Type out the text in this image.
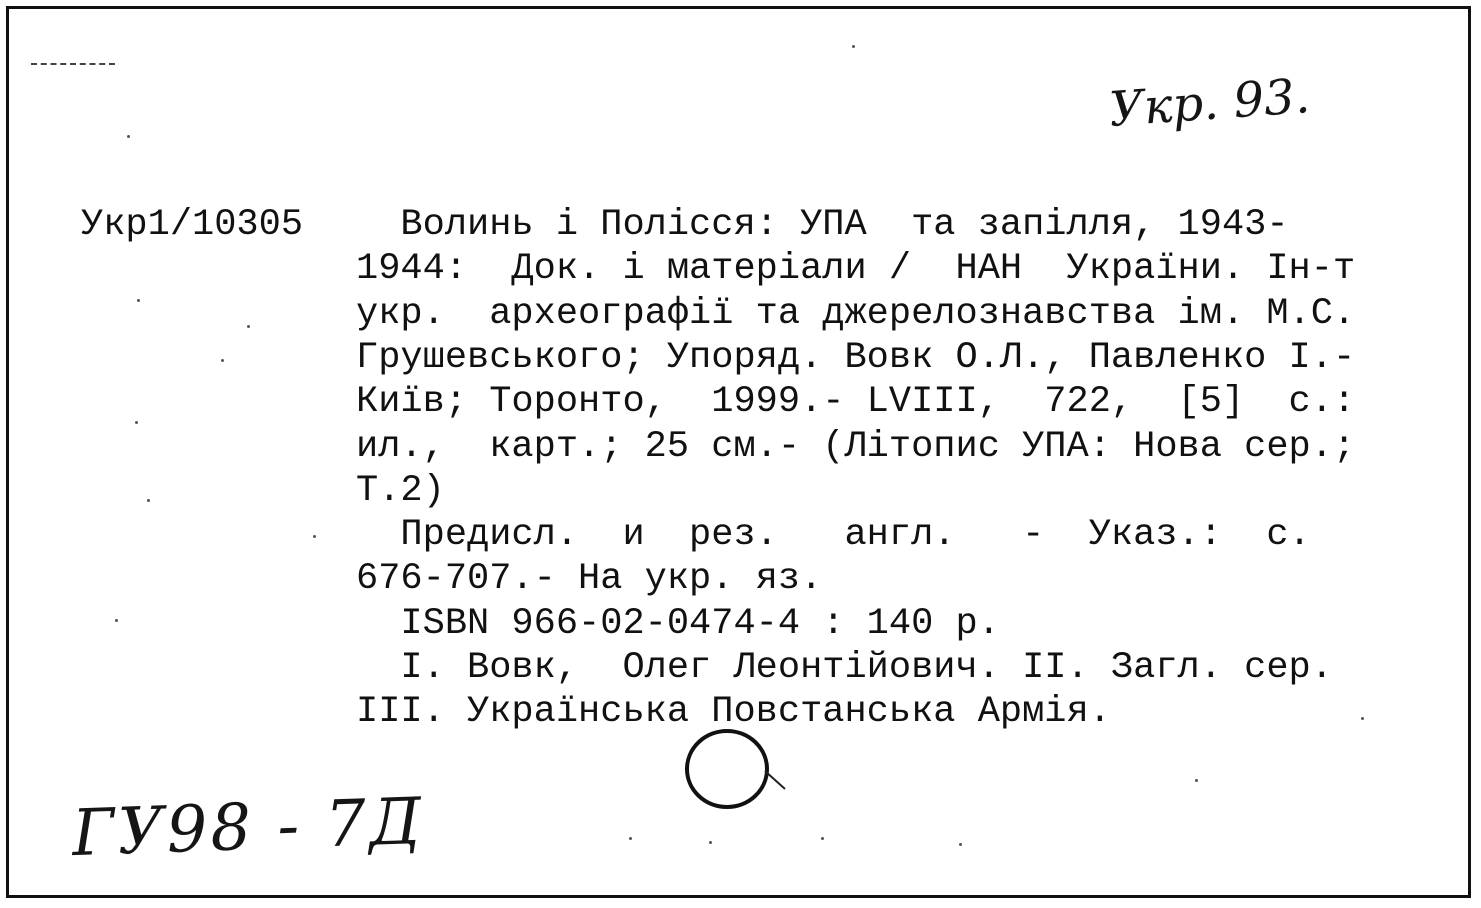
Укр. 93.
Укр1/10305

Волинь і Полісся: УПА  та запілля, 1943-

1944:  Док. і матеріали /  НАН  України. Ін-т

укр.  археографії та джерелознавства ім. М.С.

Грушевського; Упоряд. Вовк О.Л., Павленко І.-

Київ; Торонто,  1999.- LVIII,  722,  [5]  с.:

ил.,  карт.; 25 см.- (Літопис УПА: Нова сер.;

Т.2)

Предисл.  и  рез.   англ.   -  Указ.:  с.

676-707.- На укр. яз.

ISBN 966-02-0474-4 : 140 р.

І. Вовк,  Олег Леонтійович. ІІ. Загл. сер.

ІІІ. Українська Повстанська Армія.

ГУ98 - 7Д
